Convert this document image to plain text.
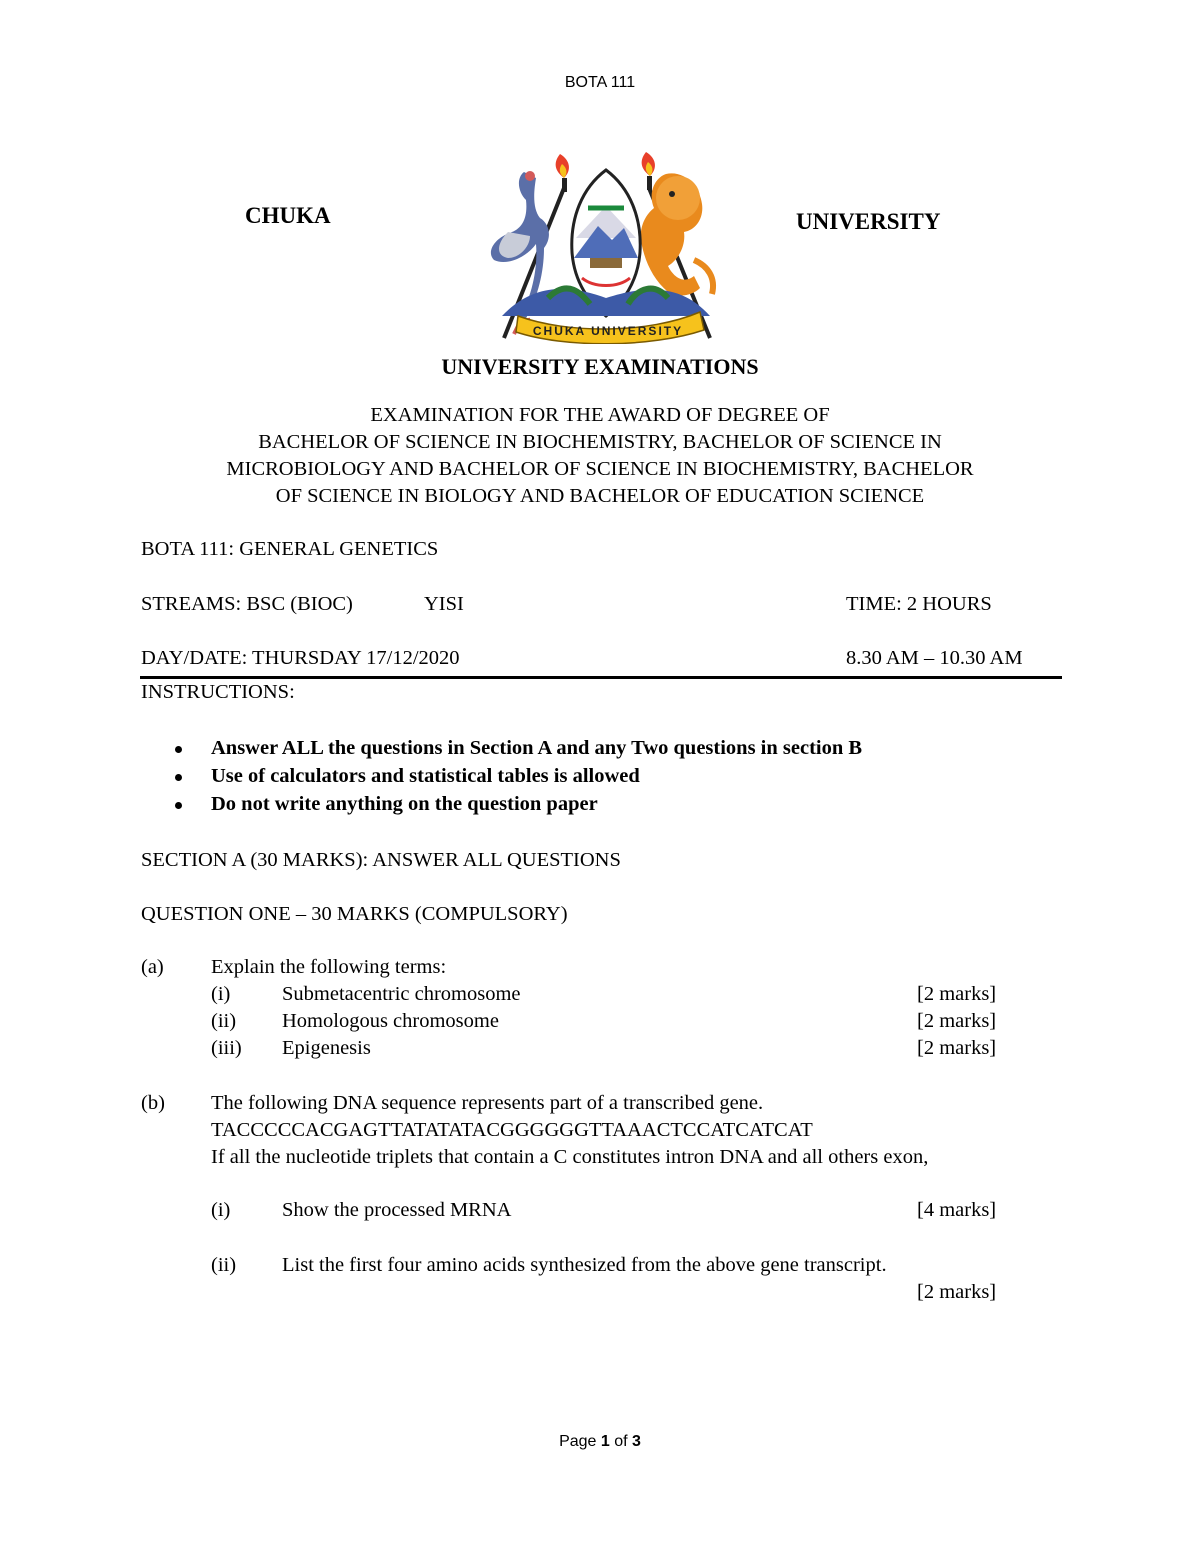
BOTA 111
CHUKA	UNIVERSITY
CHUKA UNIVERSITY
UNIVERSITY EXAMINATIONS
EXAMINATION FOR THE AWARD OF DEGREE OF
BACHELOR OF SCIENCE IN BIOCHEMISTRY, BACHELOR OF SCIENCE IN
MICROBIOLOGY AND BACHELOR OF SCIENCE IN BIOCHEMISTRY, BACHELOR
OF SCIENCE IN BIOLOGY AND BACHELOR OF EDUCATION SCIENCE
BOTA 111: GENERAL GENETICS
STREAMS: BSC (BIOC)	YISI	TIME: 2 HOURS
DAY/DATE: THURSDAY 17/12/2020	8.30 AM – 10.30 AM
INSTRUCTIONS:
Answer ALL the questions in Section A and any Two questions in section B
Use of calculators and statistical tables is allowed
Do not write anything on the question paper
SECTION A (30 MARKS): ANSWER ALL QUESTIONS
QUESTION ONE – 30 MARKS (COMPULSORY)
(a) Explain the following terms:
(i)	Submetacentric chromosome	[2 marks]
(ii) Homologous chromosome	[2 marks]
(iii) Epigenesis	[2 marks]
(b) The following DNA sequence represents part of a transcribed gene.
TACCCCCACGAGTTATATATACGGGGGGTTAAACTCCATCATCAT
If all the nucleotide triplets that contain a C constitutes intron DNA and all others exon,
(i)	Show the processed MRNA	[4 marks]
(ii) List the first four amino acids synthesized from the above gene transcript.
[2 marks]
Page 1 of 3
